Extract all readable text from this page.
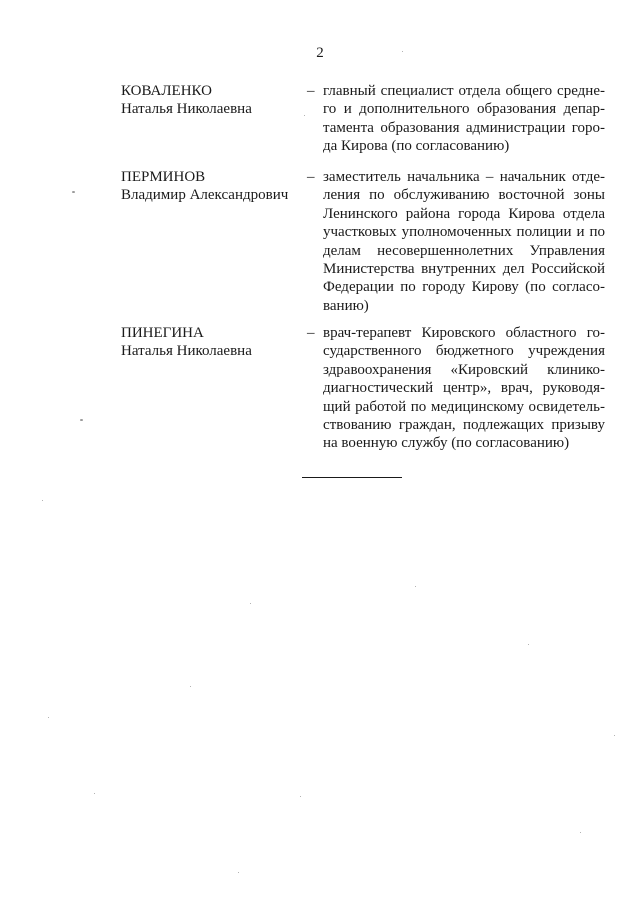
2
КОВАЛЕНКО
Наталья Николаевна
– главный специалист отдела общего средне-
го и дополнительного образования депар-
тамента образования администрации горо-
да Кирова (по согласованию)
ПЕРМИНОВ
Владимир Александрович
– заместитель начальника – начальник отде-
ления по обслуживанию восточной зоны
Ленинского района города Кирова отдела
участковых уполномоченных полиции и по
делам несовершеннолетних Управления
Министерства внутренних дел Российской
Федерации по городу Кирову (по согласо-
ванию)
ПИНЕГИНА
Наталья Николаевна
– врач-терапевт Кировского областного го-
сударственного бюджетного учреждения
здравоохранения «Кировский клинико-
диагностический центр», врач, руководя-
щий работой по медицинскому освидетель-
ствованию граждан, подлежащих призыву
на военную службу (по согласованию)
